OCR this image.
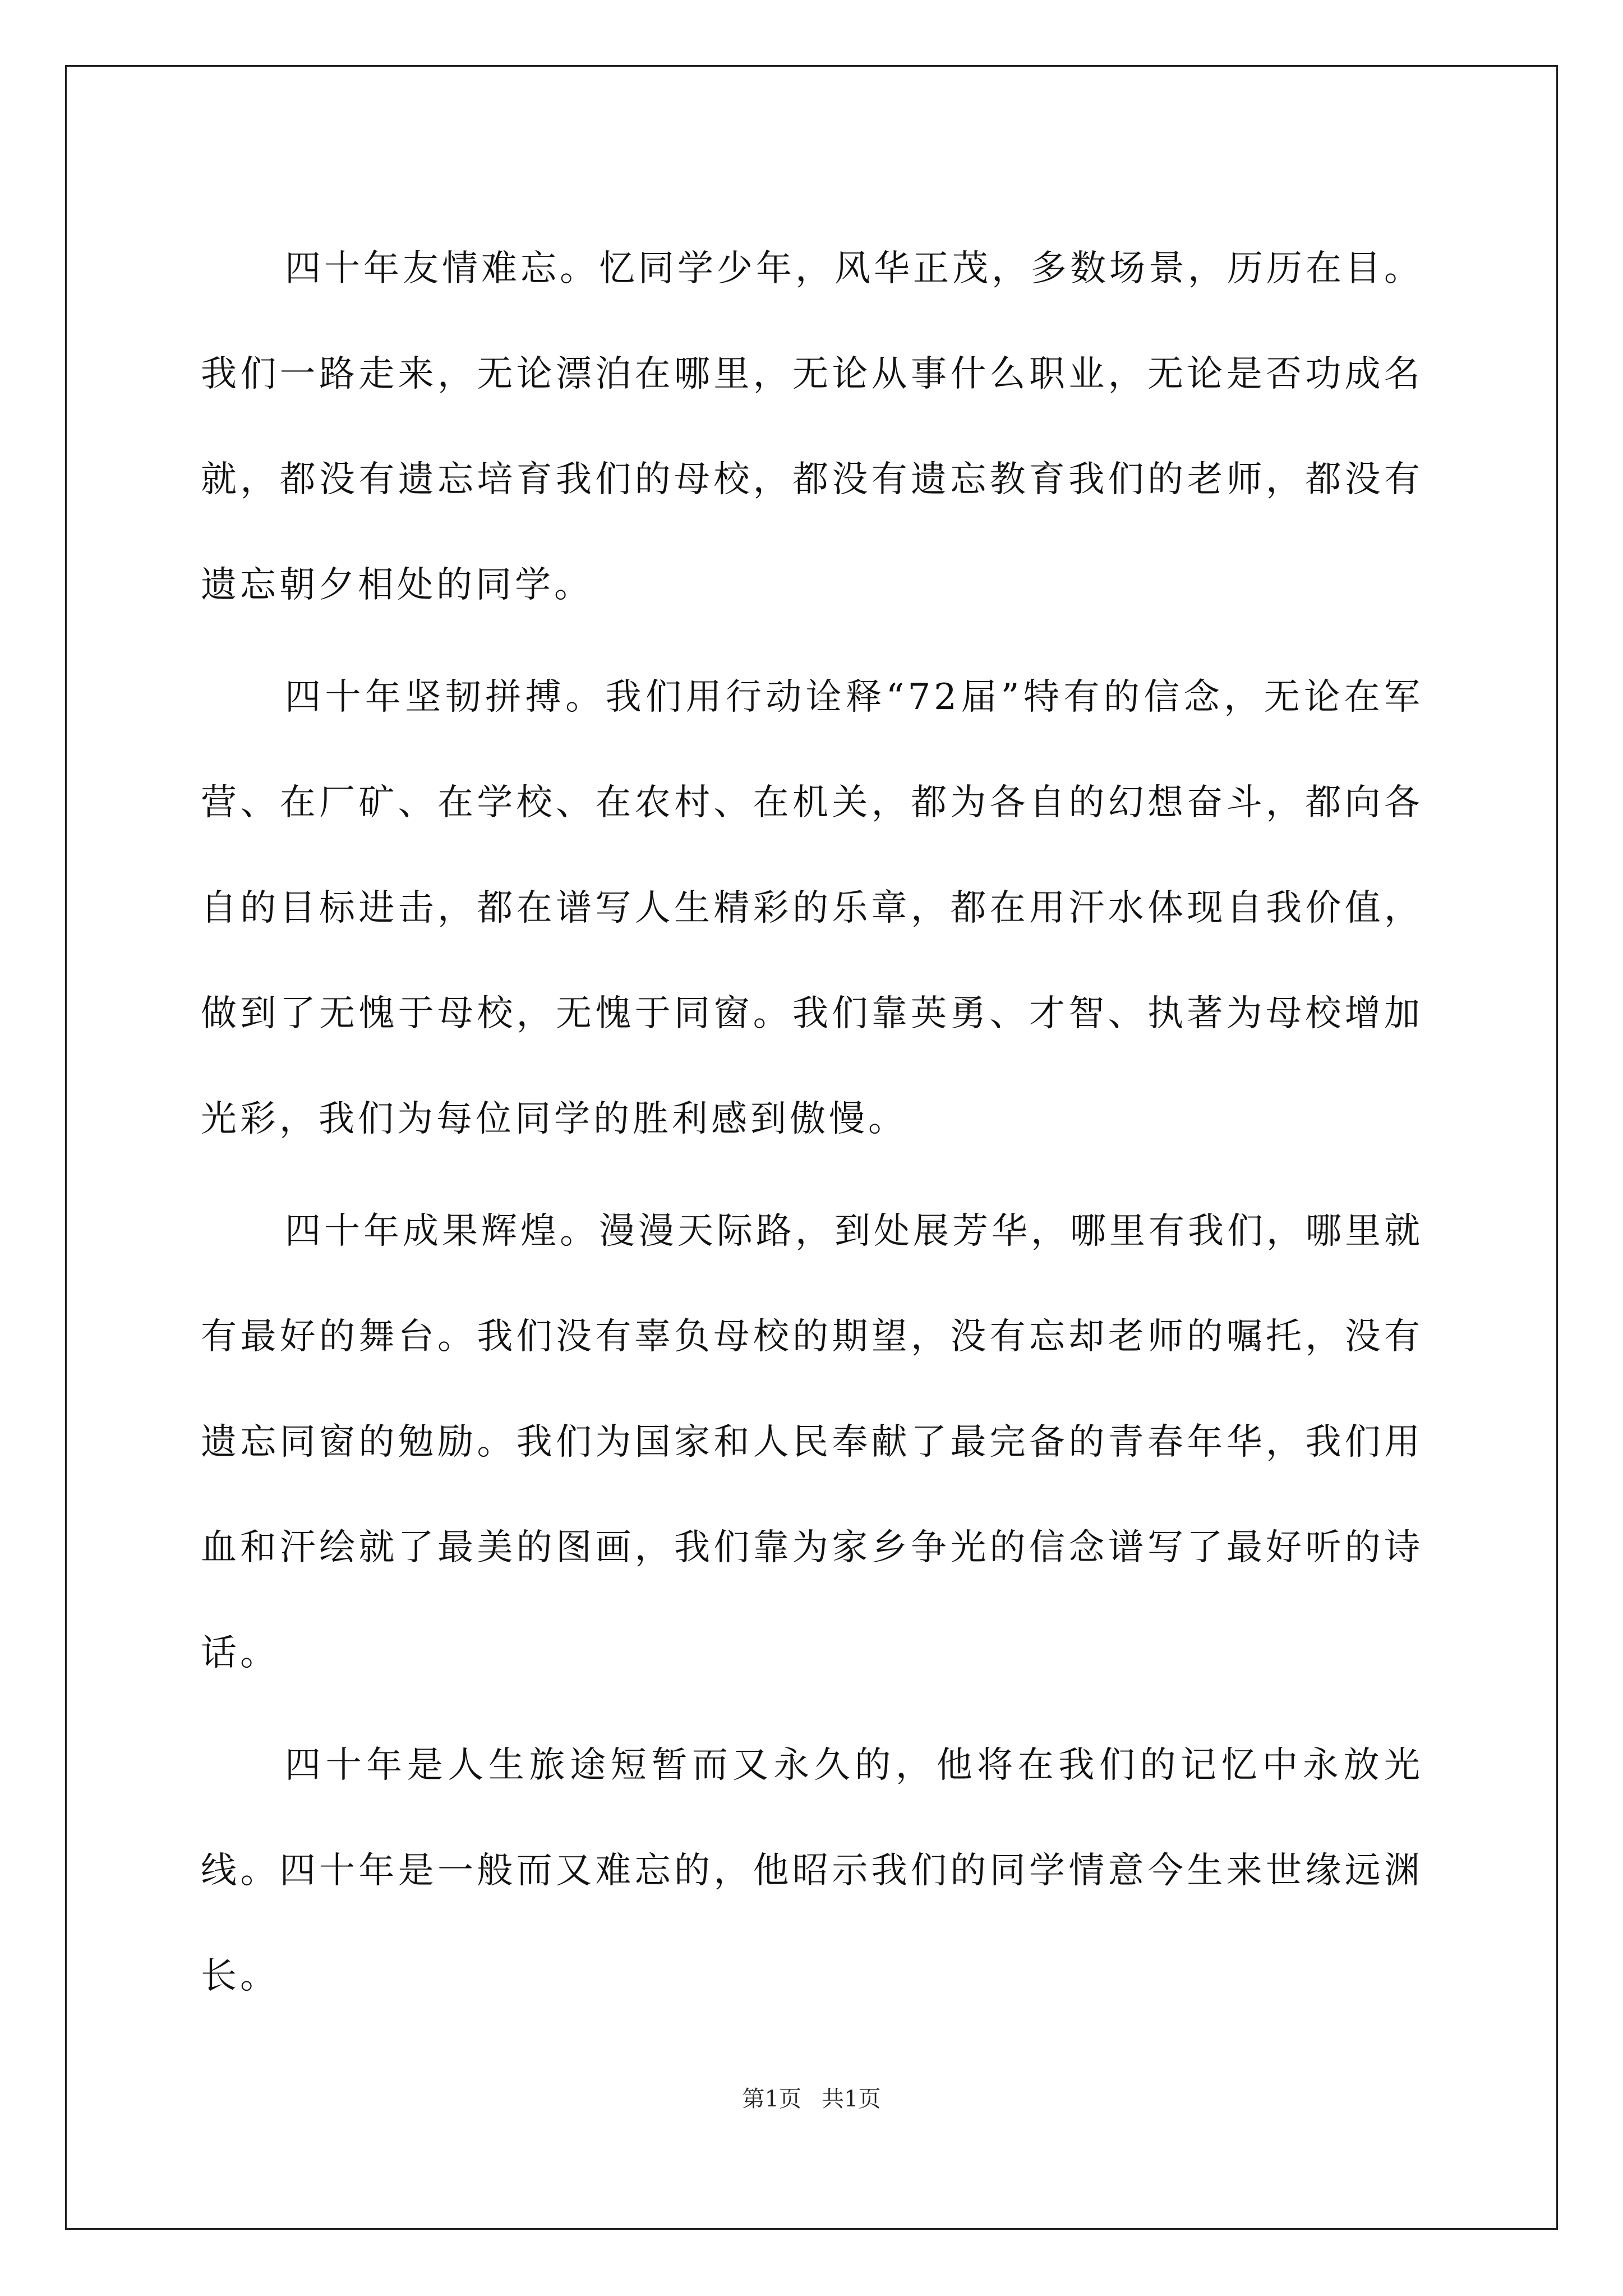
四十年友情难忘。忆同学少年，风华正茂，多数场景，历历在目。我们一路走来，无论漂泊在哪里，无论从事什么职业，无论是否功成名就，都没有遗忘培育我们的母校，都没有遗忘教育我们的老师，都没有遗忘朝夕相处的同学。

四十年坚韧拼搏。我们用行动诠释“72届”特有的信念，无论在军营、在厂矿、在学校、在农村、在机关，都为各自的幻想奋斗，都向各自的目标进击，都在谱写人生精彩的乐章，都在用汗水体现自我价值，做到了无愧于母校，无愧于同窗。我们靠英勇、才智、执著为母校增加光彩，我们为每位同学的胜利感到傲慢。

四十年成果辉煌。漫漫天际路，到处展芳华，哪里有我们，哪里就有最好的舞台。我们没有辜负母校的期望，没有忘却老师的嘱托，没有遗忘同窗的勉励。我们为国家和人民奉献了最完备的青春年华，我们用血和汗绘就了最美的图画，我们靠为家乡争光的信念谱写了最好听的诗话。

四十年是人生旅途短暂而又永久的，他将在我们的记忆中永放光线。四十年是一般而又难忘的，他昭示我们的同学情意今生来世缘远渊长。

第1页 共1页
